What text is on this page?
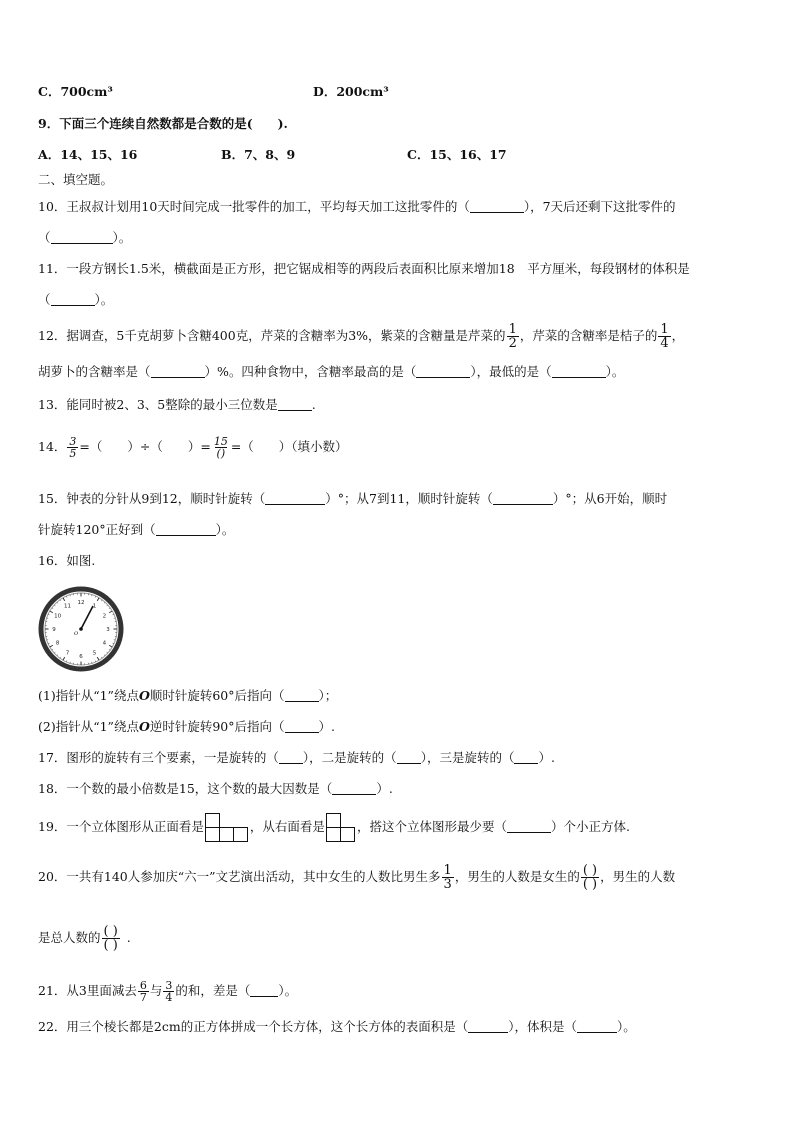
C．700cm³	D．200cm³
9．下面三个连续自然数都是合数的是(　　).
A．14、15、16	B．7、8、9	C．15、16、17
二、填空题。
10．王叔叔计划用10天时间完成一批零件的加工，平均每天加工这批零件的（	），7天后还剩下这批零件的
（	）。
11．一段方钢长1.5米，横截面是正方形，把它锯成相等的两段后表面积比原来增加18　平方厘米，每段钢材的体积是
（	）。
12．据调查，5千克胡萝卜含糖400克，芹菜的含糖率为3%，紫菜的含糖量是芹菜的 $\frac{1}{2}$ ，芹菜的含糖率是桔子的 $\frac{1}{4}$ ，
胡萝卜的含糖率是（	）%。四种食物中，含糖率最高的是（	），最低的是（	）。
13．能同时被2、3、5整除的最小三位数是	.
14． $\frac{3}{5}$ =（　　）÷（　　）= $\frac{15}{()}$ =（　　）（填小数）
15．钟表的分针从9到12，顺时针旋转（	）°；从7到11，顺时针旋转（	）°；从6开始，顺时
针旋转120°正好到（	）。
16．如图.
12
1
2
3
4
5
6
7
8
9
10
11
O
(1)指针从“1”绕点O顺时针旋转60°后指向（	）；
(2)指针从“1”绕点O逆时针旋转90°后指向（	）.
17．图形的旋转有三个要素，一是旋转的（ ），二是旋转的（ ），三是旋转的（ ）.
18．一个数的最小倍数是15，这个数的最大因数是（	）.
19．一个立体图形从正面看是	，从右面看是	，搭这个立体图形最少要（	）个小正方体.
20．一共有140人参加庆“六一”文艺演出活动，其中女生的人数比男生多 $\frac{1}{3}$ ，男生的人数是女生的 $\frac{( )}{( )}$ ，男生的人数
是总人数的 $\frac{( )}{( )}$ .
21．从3里面减去 $\frac{6}{7}$ 与 $\frac{3}{4}$ 的和，差是（ ）。
22．用三个棱长都是2cm的正方体拼成一个长方体，这个长方体的表面积是（	），体积是（	）。
